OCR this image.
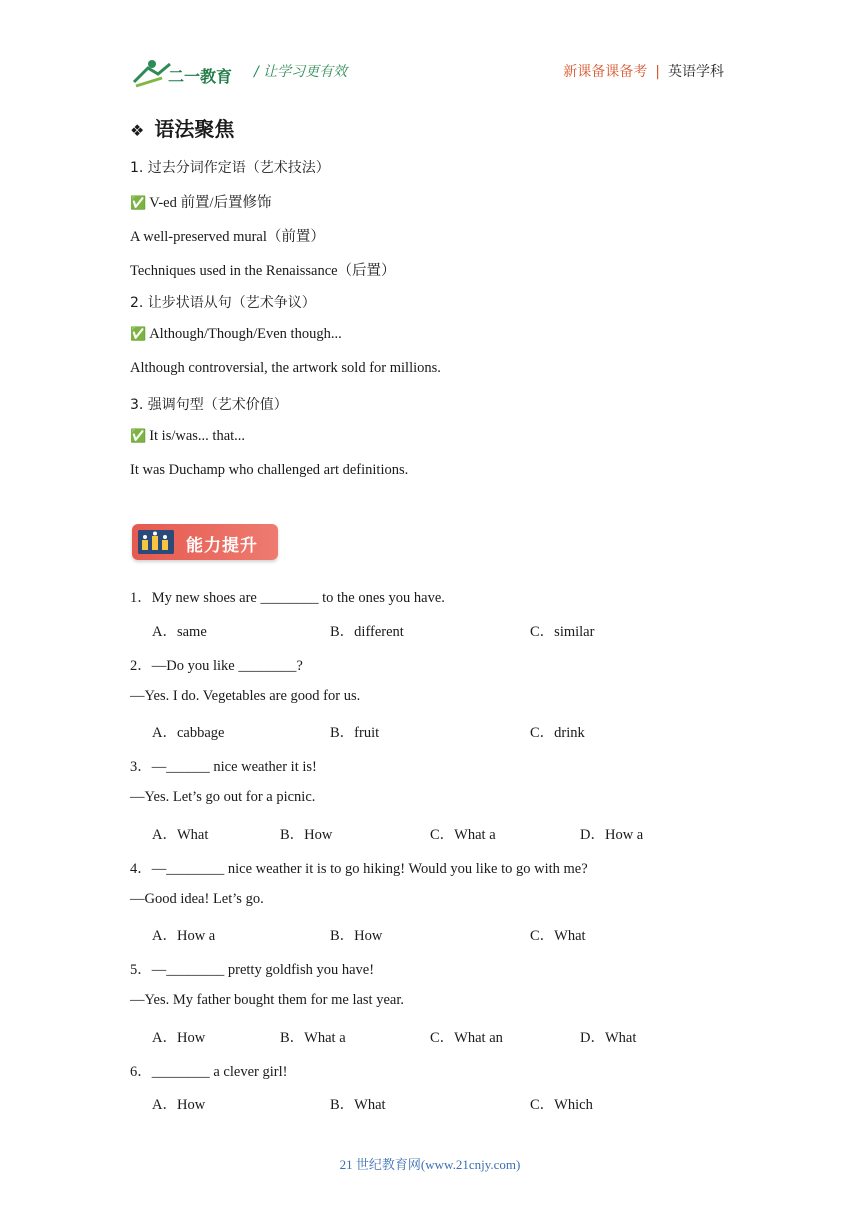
二一教育 / 让学习更有效	新课备课备考 | 英语学科
❖ 语法聚焦
1. 过去分词作定语（艺术技法）
✅ V-ed 前置/后置修饰
A well-preserved mural（前置）
Techniques used in the Renaissance（后置）
2. 让步状语从句（艺术争议）
✅ Although/Though/Even though...
Although controversial, the artwork sold for millions.
3. 强调句型（艺术价值）
✅ It is/was... that...
It was Duchamp who challenged art definitions.
能力提升
1．My new shoes are ________ to the ones you have.
A．same	B．different	C．similar
2．—Do you like ________?
—Yes. I do. Vegetables are good for us.
A．cabbage	B．fruit	C．drink
3．—______ nice weather it is!
—Yes. Let’s go out for a picnic.
A．What	B．How	C．What a	D．How a
4．—________ nice weather it is to go hiking! Would you like to go with me?
—Good idea! Let’s go.
A．How a	B．How	C．What
5．—________ pretty goldfish you have!
—Yes. My father bought them for me last year.
A．How	B．What a	C．What an	D．What
6．________ a clever girl!
A．How	B．What	C．Which
21 世纪教育网(www.21cnjy.com)
